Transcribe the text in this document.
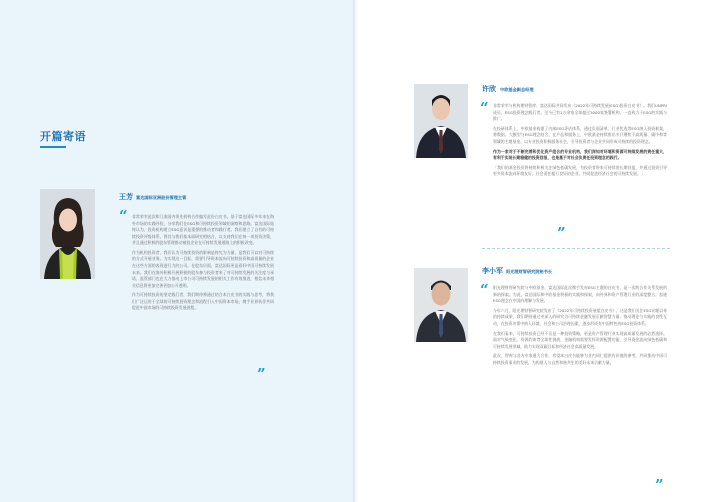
开篇寄语
王芳 富达国际亚洲股份管理主管
“ 非常荣幸此次和几家国内领先机构合作编写此份白皮书。基于富达国际多年来在海外市场的实践经验，分享我们在ESG和可持续投资领域的洞察和思路。富达国际始终认为，投资机构建立ESG意识是重要的推动者和践行者。我们建立了自有的可持续投资评级体系，将其与我们基本面研究相结合，以支持我们在每一项投资决策，并且通过积极的股东管理推动被投企业在可持续发展道路上的积极改变。

作为机构投资者，我们认为可持续投资的影响是终究为力量，是我们可以对可持续的方式开展业务。为实现这一目标，需要引导资本流向可持续投资和高质量的企业在这些方面的表现进行力的公司。在股东层面，富达国际更是看好中国可持续发展未来。我们在海外积极开展积极的股东参与投资者来了对可持续发展的关注度与承诺，监管部门也在大力推动上市公司可持续发展的相关工作有效推进，相信未来相关信息将更加完善更加公开透明。

作为可持续投资的坚定践行者，我们期待将通过结合本白皮书的实践与思考，将我们广泛运用于全球的可持续投资理念和流程引入中国资本市场，携手业界伙伴共同促进中国市场的可持续投资发展进程。

”
许欣 中欧基金副总经理
“ 非常荣幸与机构理财智库、富达国际共同发布《2022年可持续发展(ESG)投资白皮书》。我们UNPRI成员，ESG投资理念践行者。至今已有1万余家全球超过3000家签署机构，一直致力于ESG的实践与推广。

在投研体系上，中欧基金构建了内部ESG评估体系，通过负面清单、行业优选等ESG纳入投资框架，将数据、大模型与ESG理念结合，在产品和服务上，中欧基金持续推出多只聚焦于高质量、碳中和等领域的主题基金，以专业投资积极服务社会，引导投资者与企业共同形成可持续的投资理念。

作为一家对于不断完善和优化资产组合的专业机构，我们深知对环境和资源可持续发展的责任重大，有利于实现长期稳健的投资回报，也是基于对社会负责任投资理念的践行。

「我们的基金投资将持续积极关注绿色低碳发展，为投资者带来可持续的长期回报，并通过投资引导更多资本流向环境友好、社会责任履行良好的企业，共同促进经济社会的可持续发展。」

”
李小军 阳光理财智研究院秘书长
“ 阳光理财智研究院与中欧基金、富达国际此次携手发布ESG主题的白皮书，是一次跨合作关系发展的新的探索。为此，富达国际和中欧基金积极的实践和探索，向外界和资产管理行业的深度整合，加速ESG理念在中国的理解与发展。

今年六月，阳光理财智研究院发布了《2022年可持续投资展望白皮书》，这是我们关注ESG议题以来的持续成果，我们期待通过更深入的研究为可持续金融发展贡献智慧力量，推动理论与实践的良性互动，在投资决策中纳入环境、社会和公司治理因素，逐步形成有中国特色的ESG投资体系。

在我们看来，可持续投资已经不仅是一种投资策略，更是资产管理行业实现高质量发展的必然选择。面对气候变化、资源约束等全球性挑战，金融机构需要发挥资源配置功能，引导资金流向绿色低碳和可持续发展领域，助力实现双碳目标和经济社会高质量发展。

此次，智库与各方专家通力合作，希望本白皮书能够为业内同仁提供有价值的参考，共同推动中国可持续投资事业的发展，为构建人与自然和谐共生的美好未来贡献力量。

”
